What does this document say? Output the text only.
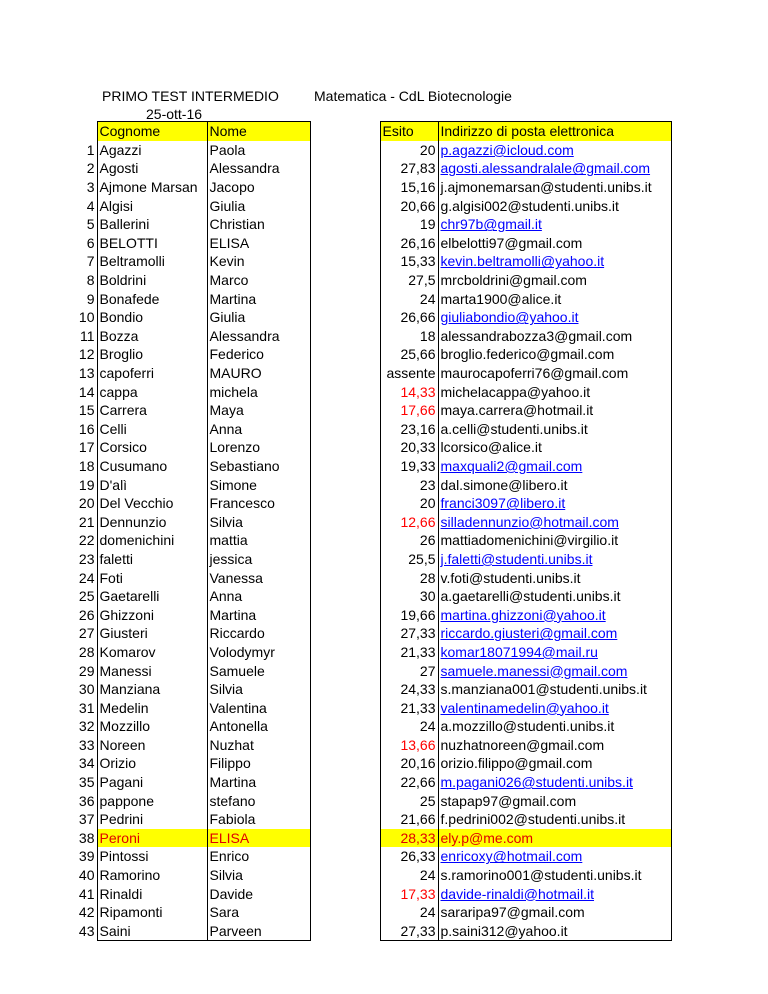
PRIMO TEST INTERMEDIO
25-ott-16
Matematica - CdL Biotecnologie
	Cognome	Nome		Esito	Indirizzo di posta elettronica
1	Agazzi	Paola		20	p.agazzi@icloud.com
2	Agosti	Alessandra		27,83	agosti.alessandralale@gmail.com
3	Ajmone Marsan	Jacopo		15,16	j.ajmonemarsan@studenti.unibs.it
4	Algisi	Giulia		20,66	g.algisi002@studenti.unibs.it
5	Ballerini	Christian		19	chr97b@gmail.it
6	BELOTTI	ELISA		26,16	elbelotti97@gmail.com
7	Beltramolli	Kevin		15,33	kevin.beltramolli@yahoo.it
8	Boldrini	Marco		27,5	mrcboldrini@gmail.com
9	Bonafede	Martina		24	marta1900@alice.it
10	Bondio	Giulia		26,66	giuliabondio@yahoo.it
11	Bozza	Alessandra		18	alessandrabozza3@gmail.com
12	Broglio	Federico		25,66	broglio.federico@gmail.com
13	capoferri	MAURO		assente	maurocapoferri76@gmail.com
14	cappa	michela		14,33	michelacappa@yahoo.it
15	Carrera	Maya		17,66	maya.carrera@hotmail.it
16	Celli	Anna		23,16	a.celli@studenti.unibs.it
17	Corsico	Lorenzo		20,33	lcorsico@alice.it
18	Cusumano	Sebastiano		19,33	maxquali2@gmail.com
19	D'alì	Simone		23	dal.simone@libero.it
20	Del Vecchio	Francesco		20	franci3097@libero.it
21	Dennunzio	Silvia		12,66	silladennunzio@hotmail.com
22	domenichini	mattia		26	mattiadomenichini@virgilio.it
23	faletti	jessica		25,5	j.faletti@studenti.unibs.it
24	Foti	Vanessa		28	v.foti@studenti.unibs.it
25	Gaetarelli	Anna		30	a.gaetarelli@studenti.unibs.it
26	Ghizzoni	Martina		19,66	martina.ghizzoni@yahoo.it
27	Giusteri	Riccardo		27,33	riccardo.giusteri@gmail.com
28	Komarov	Volodymyr		21,33	komar18071994@mail.ru
29	Manessi	Samuele		27	samuele.manessi@gmail.com
30	Manziana	Silvia		24,33	s.manziana001@studenti.unibs.it
31	Medelin	Valentina		21,33	valentinamedelin@yahoo.it
32	Mozzillo	Antonella		24	a.mozzillo@studenti.unibs.it
33	Noreen	Nuzhat		13,66	nuzhatnoreen@gmail.com
34	Orizio	Filippo		20,16	orizio.filippo@gmail.com
35	Pagani	Martina		22,66	m.pagani026@studenti.unibs.it
36	pappone	stefano		25	stapap97@gmail.com
37	Pedrini	Fabiola		21,66	f.pedrini002@studenti.unibs.it
38	Peroni	ELISA		28,33	ely.p@me.com
39	Pintossi	Enrico		26,33	enricoxy@hotmail.com
40	Ramorino	Silvia		24	s.ramorino001@studenti.unibs.it
41	Rinaldi	Davide		17,33	davide-rinaldi@hotmail.it
42	Ripamonti	Sara		24	sararipa97@gmail.com
43	Saini	Parveen		27,33	p.saini312@yahoo.it
